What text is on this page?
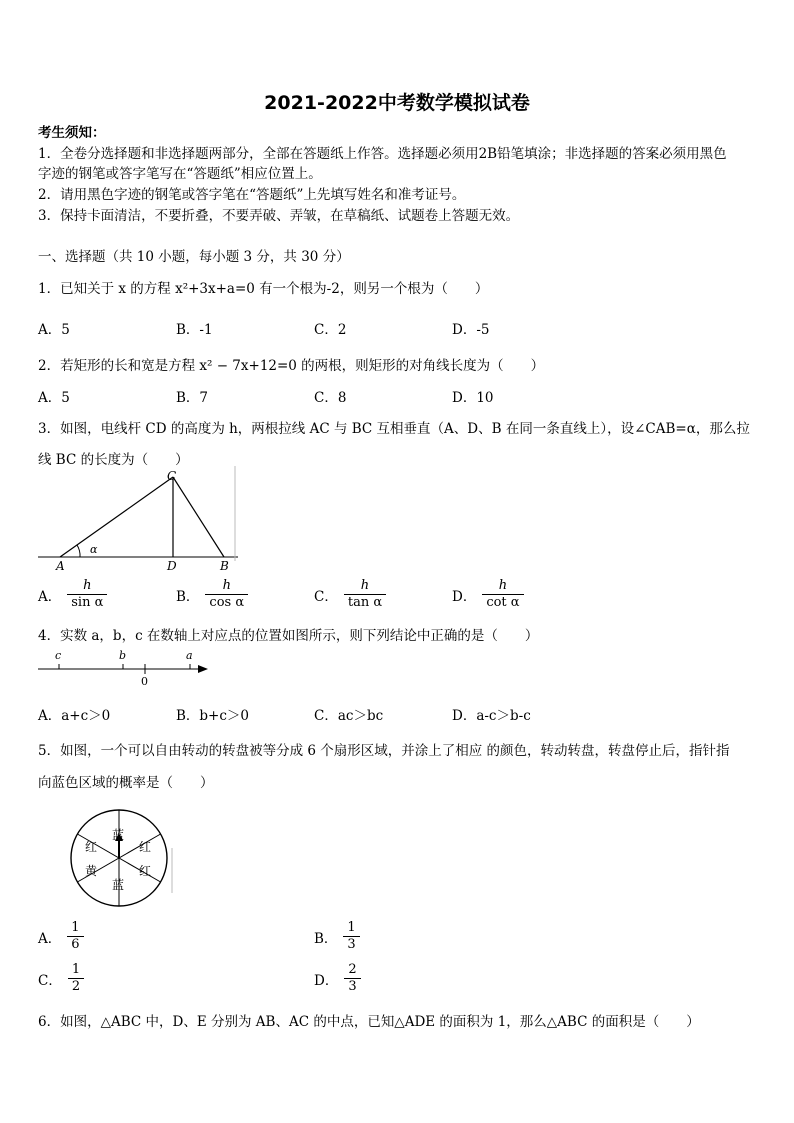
2021-2022中考数学模拟试卷
考生须知：
1．全卷分选择题和非选择题两部分，全部在答题纸上作答。选择题必须用2B铅笔填涂；非选择题的答案必须用黑色
字迹的钢笔或答字笔写在“答题纸”相应位置上。
2．请用黑色字迹的钢笔或答字笔在“答题纸”上先填写姓名和准考证号。
3．保持卡面清洁，不要折叠，不要弄破、弄皱，在草稿纸、试题卷上答题无效。
一、选择题（共 10 小题，每小题 3 分，共 30 分）
1．已知关于 x 的方程 x²+3x+a=0 有一个根为-2，则另一个根为（　　）
A．5	B．-1	C．2	D．-5
2．若矩形的长和宽是方程 x² − 7x+12=0 的两根，则矩形的对角线长度为（　　）
A．5	B．7	C．8	D．10
3．如图，电线杆 CD 的高度为 h，两根拉线 AC 与 BC 互相垂直（A、D、B 在同一条直线上），设∠CAB=α，那么拉
线 BC 的长度为（　　）
C
A	D	B
α
A． $\frac{h}{\text{sin α}}$	B． $\frac{h}{\text{cos α}}$	C． $\frac{h}{\text{tan α}}$	D． $\frac{h}{\text{cot α}}$
4．实数 a，b，c 在数轴上对应点的位置如图所示，则下列结论中正确的是（　　）
c	b	a
0
A．a+c＞0	B．b+c＞0	C．ac＞bc	D．a-c＞b-c
5．如图，一个可以自由转动的转盘被等分成 6 个扇形区域，并涂上了相应 的颜色，转动转盘，转盘停止后，指针指
向蓝色区域的概率是（　　）
蓝
红
红
蓝
黄
红
A． $\frac{1}{6}$	B． $\frac{1}{3}$
C． $\frac{1}{2}$	D． $\frac{2}{3}$
6．如图，△ABC 中，D、E 分别为 AB、AC 的中点，已知△ADE 的面积为 1，那么△ABC 的面积是（　　）
